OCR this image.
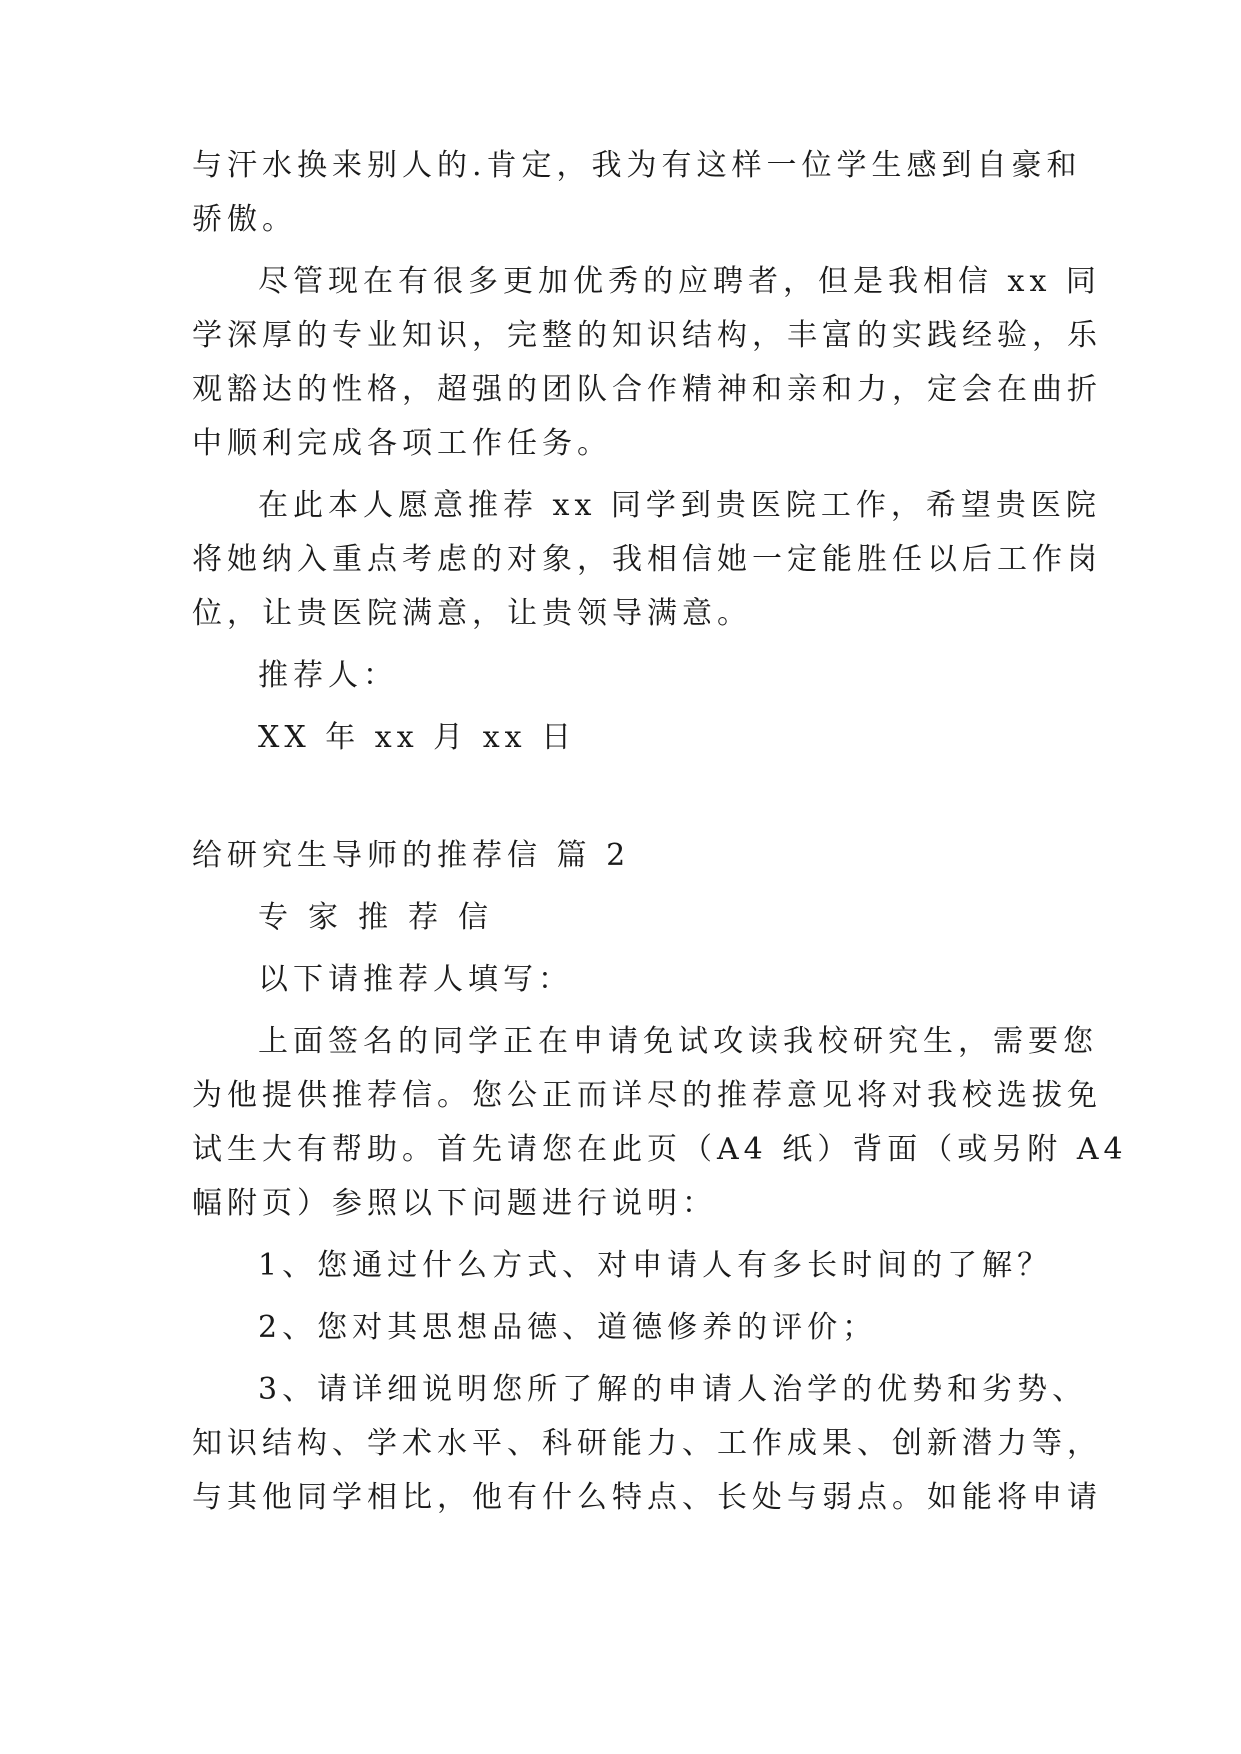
与汗水换来别人的.肯定，我为有这样一位学生感到自豪和
骄傲。
尽管现在有很多更加优秀的应聘者，但是我相信 xx 同
学深厚的专业知识，完整的知识结构，丰富的实践经验，乐
观豁达的性格，超强的团队合作精神和亲和力，定会在曲折
中顺利完成各项工作任务。
在此本人愿意推荐 xx 同学到贵医院工作，希望贵医院
将她纳入重点考虑的对象，我相信她一定能胜任以后工作岗
位，让贵医院满意，让贵领导满意。
推荐人：
XX 年 xx 月 xx 日
给研究生导师的推荐信 篇 2
专家推荐信
以下请推荐人填写：
上面签名的同学正在申请免试攻读我校研究生，需要您
为他提供推荐信。您公正而详尽的推荐意见将对我校选拔免
试生大有帮助。首先请您在此页（A4 纸）背面（或另附 A4
幅附页）参照以下问题进行说明：
1、您通过什么方式、对申请人有多长时间的了解？
2、您对其思想品德、道德修养的评价；
3、请详细说明您所了解的申请人治学的优势和劣势、
知识结构、学术水平、科研能力、工作成果、创新潜力等，
与其他同学相比，他有什么特点、长处与弱点。如能将申请
